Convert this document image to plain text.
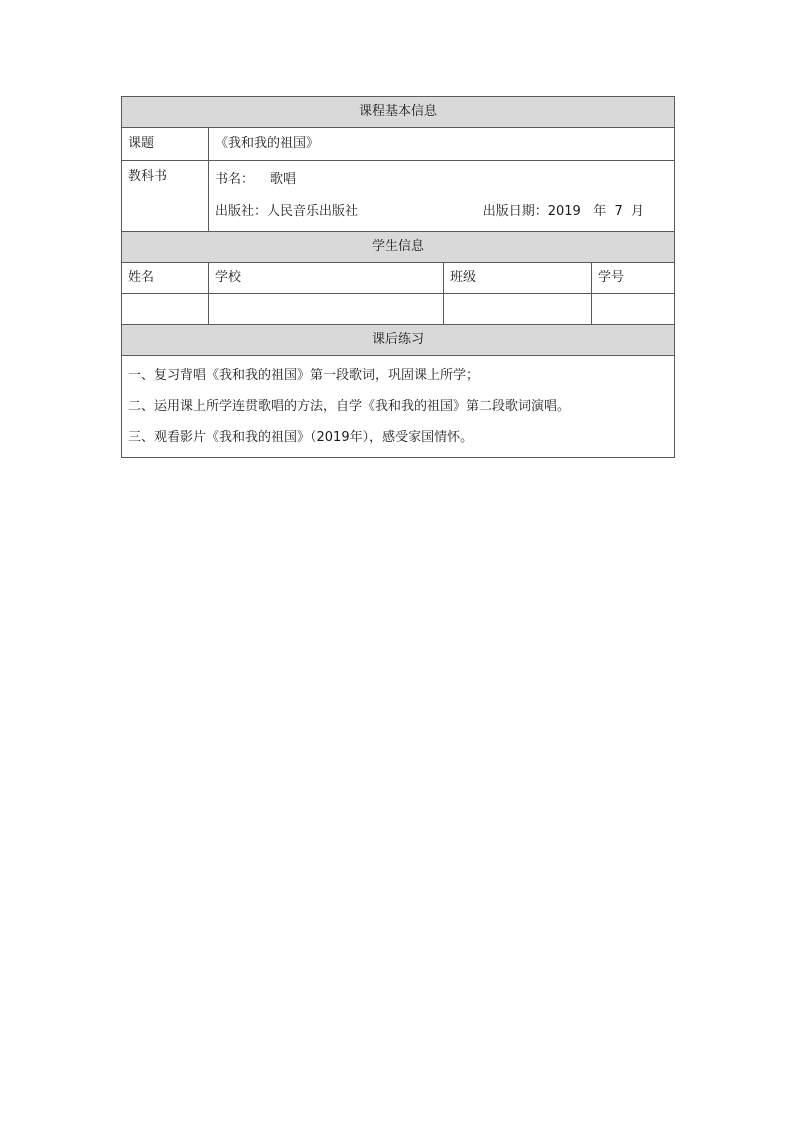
课程基本信息			
课题	《我和我的祖国》		
教科书	书名： 歌唱
出版社： 人民音乐出版社 出版日期：2019   年  7  月		

学生信息			
姓名	学校	班级	学号

课后练习			

一、复习背唱《我和我的祖国》第一段歌词，巩固课上所学；
二、运用课上所学连贯歌唱的方法，自学《我和我的祖国》第二段歌词演唱。
三、观看影片《我和我的祖国》（2019年），感受家国情怀。			
